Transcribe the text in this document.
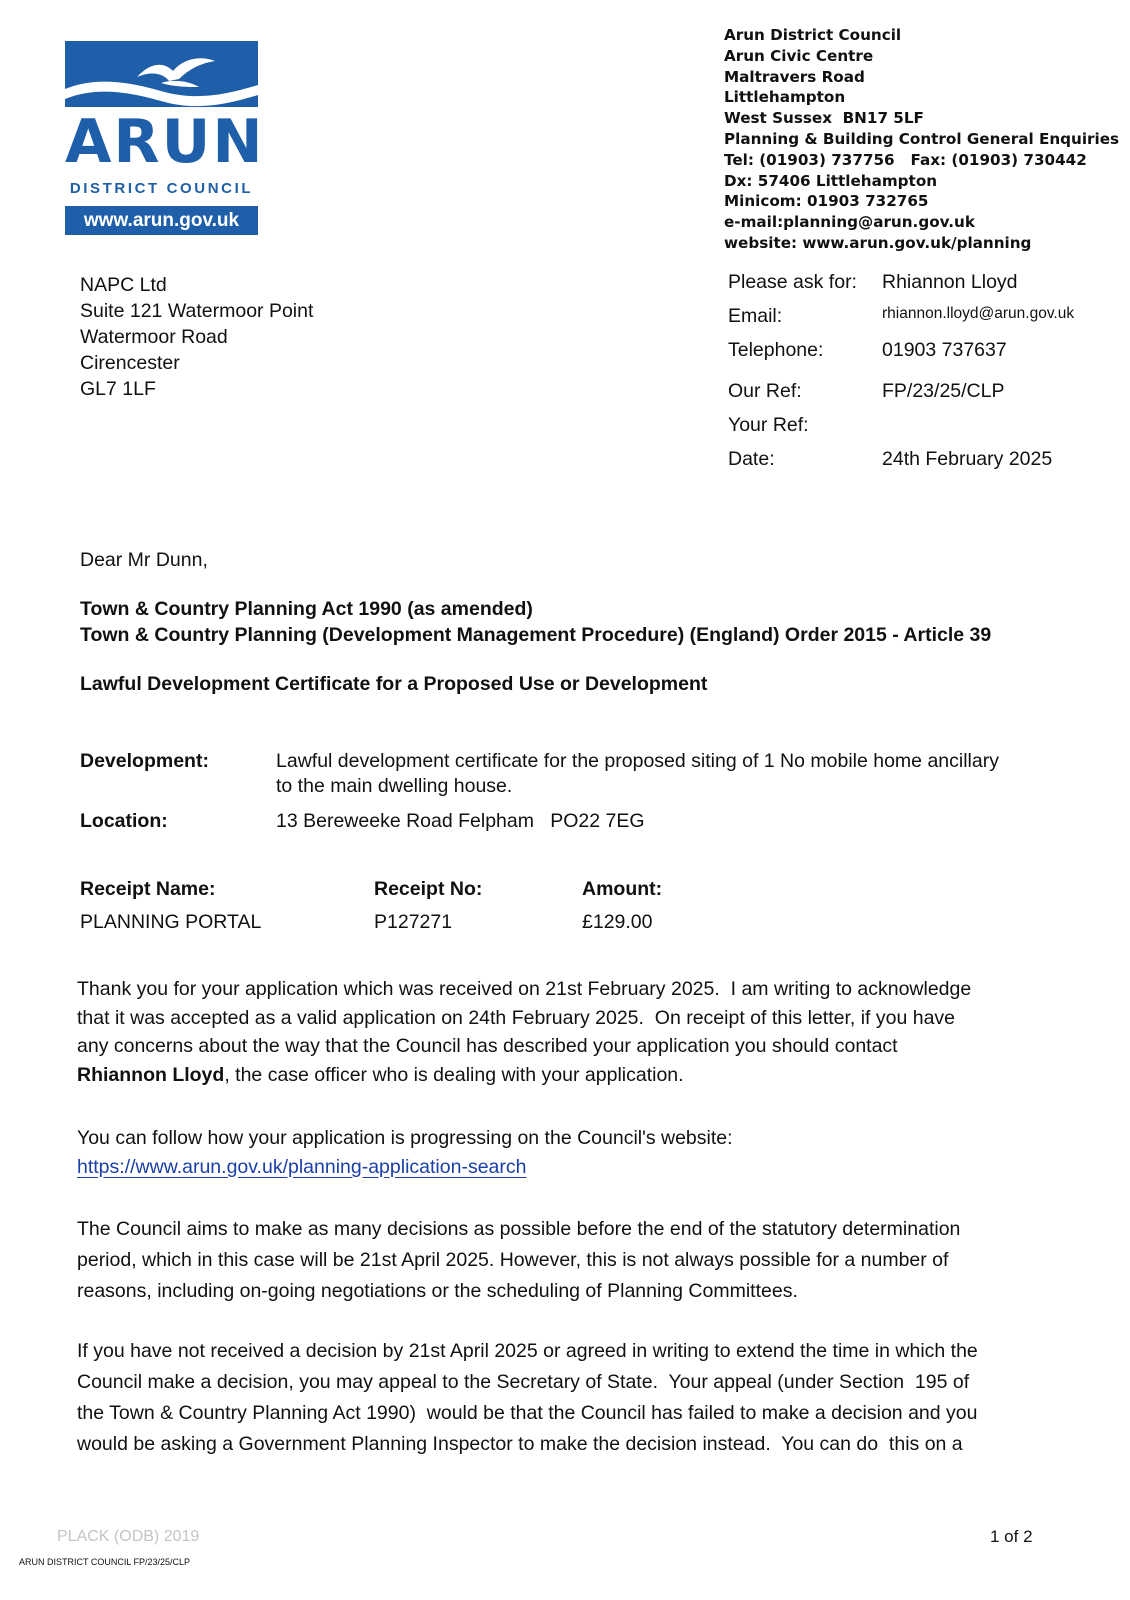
ARUN
DISTRICT COUNCIL
www.arun.gov.uk
Arun District Council
Arun Civic Centre
Maltravers Road
Littlehampton
West Sussex  BN17 5LF
Planning & Building Control General Enquiries
Tel: (01903) 737756   Fax: (01903) 730442
Dx: 57406 Littlehampton
Minicom: 01903 732765
e-mail:planning@arun.gov.uk
website: www.arun.gov.uk/planning
NAPC Ltd
Suite 121 Watermoor Point
Watermoor Road
Cirencester
GL7 1LF
Please ask for: Rhiannon Lloyd
Email:	rhiannon.lloyd@arun.gov.uk
Telephone:	01903 737637
Our Ref:	FP/23/25/CLP
Your Ref:
Date:	24th February 2025
Dear Mr Dunn,
Town & Country Planning Act 1990 (as amended)
Town & Country Planning (Development Management Procedure) (England) Order 2015 - Article 39
Lawful Development Certificate for a Proposed Use or Development
Development:	Lawful development certificate for the proposed siting of 1 No mobile home ancillary
to the main dwelling house.
Location:	13 Bereweeke Road Felpham   PO22 7EG
Receipt Name:	Receipt No:	Amount:
PLANNING PORTAL	P127271	£129.00
Thank you for your application which was received on 21st February 2025.  I am writing to acknowledge
that it was accepted as a valid application on 24th February 2025.  On receipt of this letter, if you have
any concerns about the way that the Council has described your application you should contact
Rhiannon Lloyd, the case officer who is dealing with your application.
You can follow how your application is progressing on the Council's website:
https://www.arun.gov.uk/planning-application-search
The Council aims to make as many decisions as possible before the end of the statutory determination
period, which in this case will be 21st April 2025. However, this is not always possible for a number of
reasons, including on-going negotiations or the scheduling of Planning Committees.
If you have not received a decision by 21st April 2025 or agreed in writing to extend the time in which the
Council make a decision, you may appeal to the Secretary of State.  Your appeal (under Section  195 of
the Town & Country Planning Act 1990)  would be that the Council has failed to make a decision and you
would be asking a Government Planning Inspector to make the decision instead.  You can do  this on a
PLACK (ODB) 2019	1 of 2
ARUN DISTRICT COUNCIL FP/23/25/CLP
